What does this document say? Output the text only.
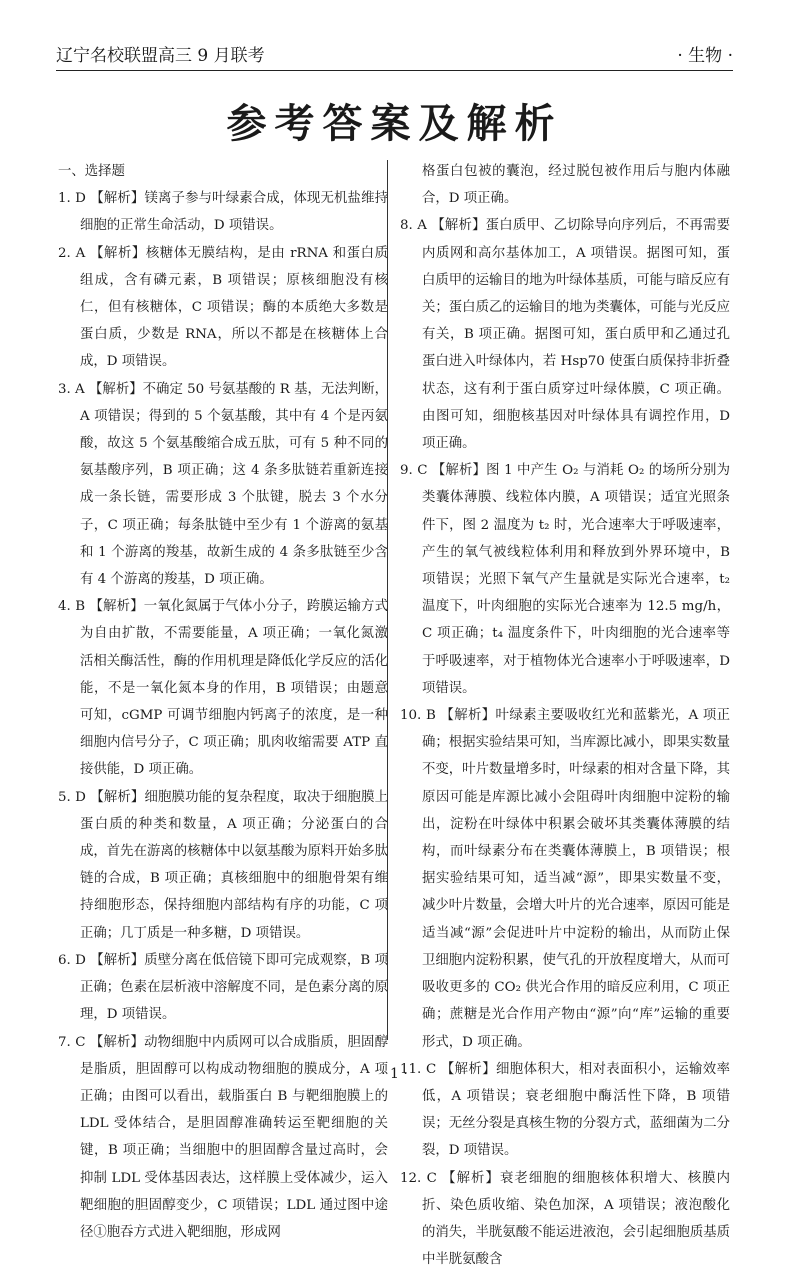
辽宁名校联盟高三 9 月联考	· 生物 ·
参考答案及解析

一、选择题

1. D 【解析】镁离子参与叶绿素合成，体现无机盐维持细胞的正常生命活动，D 项错误。

2. A 【解析】核糖体无膜结构，是由 rRNA 和蛋白质组成，含有磷元素，B 项错误；原核细胞没有核仁，但有核糖体，C 项错误；酶的本质绝大多数是蛋白质，少数是 RNA，所以不都是在核糖体上合成，D 项错误。

3. A 【解析】不确定 50 号氨基酸的 R 基，无法判断，A 项错误；得到的 5 个氨基酸，其中有 4 个是丙氨酸，故这 5 个氨基酸缩合成五肽，可有 5 种不同的氨基酸序列，B 项正确；这 4 条多肽链若重新连接成一条长链，需要形成 3 个肽键，脱去 3 个水分子，C 项正确；每条肽链中至少有 1 个游离的氨基和 1 个游离的羧基，故新生成的 4 条多肽链至少含有 4 个游离的羧基，D 项正确。

4. B 【解析】一氧化氮属于气体小分子，跨膜运输方式为自由扩散，不需要能量，A 项正确；一氧化氮激活相关酶活性，酶的作用机理是降低化学反应的活化能，不是一氧化氮本身的作用，B 项错误；由题意可知，cGMP 可调节细胞内钙离子的浓度，是一种细胞内信号分子，C 项正确；肌肉收缩需要 ATP 直接供能，D 项正确。

5. D 【解析】细胞膜功能的复杂程度，取决于细胞膜上蛋白质的种类和数量，A 项正确；分泌蛋白的合成，首先在游离的核糖体中以氨基酸为原料开始多肽链的合成，B 项正确；真核细胞中的细胞骨架有维持细胞形态，保持细胞内部结构有序的功能，C 项正确；几丁质是一种多糖，D 项错误。

6. D 【解析】质壁分离在低倍镜下即可完成观察，B 项正确；色素在层析液中溶解度不同，是色素分离的原理，D 项错误。

7. C 【解析】动物细胞中内质网可以合成脂质，胆固醇是脂质，胆固醇可以构成动物细胞的膜成分，A 项正确；由图可以看出，载脂蛋白 B 与靶细胞膜上的 LDL 受体结合，是胆固醇准确转运至靶细胞的关键，B 项正确；当细胞中的胆固醇含量过高时，会抑制 LDL 受体基因表达，这样膜上受体减少，运入靶细胞的胆固醇变少，C 项错误；LDL 通过图中途径①胞吞方式进入靶细胞，形成网

格蛋白包被的囊泡，经过脱包被作用后与胞内体融合，D 项正确。

8. A 【解析】蛋白质甲、乙切除导向序列后，不再需要内质网和高尔基体加工，A 项错误。据图可知，蛋白质甲的运输目的地为叶绿体基质，可能与暗反应有关；蛋白质乙的运输目的地为类囊体，可能与光反应有关，B 项正确。据图可知，蛋白质甲和乙通过孔蛋白进入叶绿体内，若 Hsp70 使蛋白质保持非折叠状态，这有利于蛋白质穿过叶绿体膜，C 项正确。由图可知，细胞核基因对叶绿体具有调控作用，D 项正确。

9. C 【解析】图 1 中产生 O₂ 与消耗 O₂ 的场所分别为类囊体薄膜、线粒体内膜，A 项错误；适宜光照条件下，图 2 温度为 t₂ 时，光合速率大于呼吸速率，产生的氧气被线粒体利用和释放到外界环境中，B 项错误；光照下氧气产生量就是实际光合速率，t₂ 温度下，叶肉细胞的实际光合速率为 12.5 mg/h，C 项正确；t₄ 温度条件下，叶肉细胞的光合速率等于呼吸速率，对于植物体光合速率小于呼吸速率，D 项错误。

10. B 【解析】叶绿素主要吸收红光和蓝紫光，A 项正确；根据实验结果可知，当库源比减小，即果实数量不变，叶片数量增多时，叶绿素的相对含量下降，其原因可能是库源比减小会阻碍叶肉细胞中淀粉的输出，淀粉在叶绿体中积累会破坏其类囊体薄膜的结构，而叶绿素分布在类囊体薄膜上，B 项错误；根据实验结果可知，适当减“源”，即果实数量不变，减少叶片数量，会增大叶片的光合速率，原因可能是适当减“源”会促进叶片中淀粉的输出，从而防止保卫细胞内淀粉积累，使气孔的开放程度增大，从而可吸收更多的 CO₂ 供光合作用的暗反应利用，C 项正确；蔗糖是光合作用产物由“源”向“库”运输的重要形式，D 项正确。

11. C 【解析】细胞体积大，相对表面积小，运输效率低，A 项错误；衰老细胞中酶活性下降，B 项错误；无丝分裂是真核生物的分裂方式，蓝细菌为二分裂，D 项错误。

12. C 【解析】衰老细胞的细胞核体积增大、核膜内折、染色质收缩、染色加深，A 项错误；液泡酸化的消失，半胱氨酸不能运进液泡，会引起细胞质基质中半胱氨酸含

· 1 ·
